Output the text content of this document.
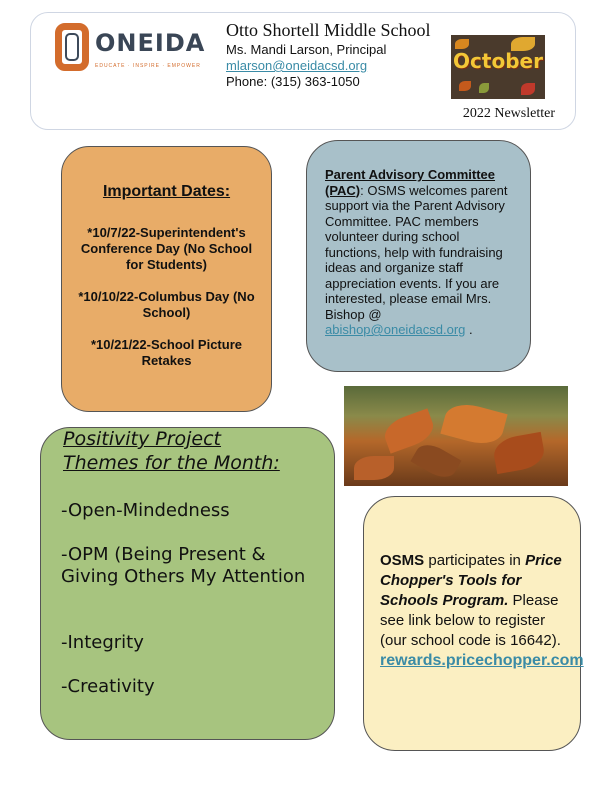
ONEIDA
EDUCATE · INSPIRE · EMPOWER
Otto Shortell Middle School
Ms. Mandi Larson, Principal
mlarson@oneidacsd.org
Phone: (315) 363-1050
October
2022 Newsletter
Important Dates:

*10/7/22-Superintendent's Conference Day (No School for Students)

*10/10/22-Columbus Day (No School)

*10/21/22-School Picture Retakes

Parent Advisory Committee (PAC): OSMS welcomes parent support via the Parent Advisory Committee. PAC members volunteer during school functions, help with fundraising ideas and organize staff appreciation events. If you are interested, please email Mrs. Bishop @ abishop@oneidacsd.org .
Positivity Project
Themes for the Month:
-Open-Mindedness
-OPM (Being Present & Giving Others My Attention
-Integrity
-Creativity
OSMS participates in Price Chopper's Tools for Schools Program. Please see link below to register (our school code is 16642).
rewards.pricechopper.com
